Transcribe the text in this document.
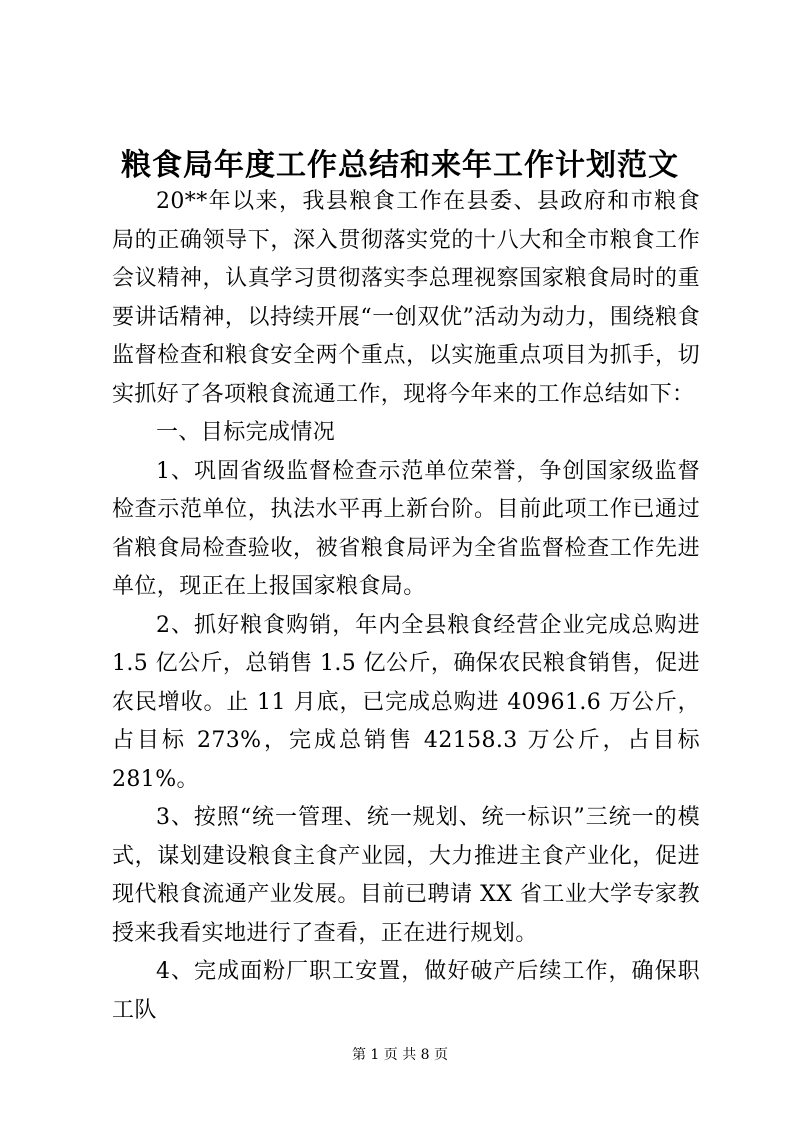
粮食局年度工作总结和来年工作计划范文

20**年以来，我县粮食工作在县委、县政府和市粮食局的正确领导下，深入贯彻落实党的十八大和全市粮食工作会议精神，认真学习贯彻落实李总理视察国家粮食局时的重要讲话精神，以持续开展“一创双优”活动为动力，围绕粮食监督检查和粮食安全两个重点，以实施重点项目为抓手，切实抓好了各项粮食流通工作，现将今年来的工作总结如下：

一、目标完成情况

1、巩固省级监督检查示范单位荣誉，争创国家级监督检查示范单位，执法水平再上新台阶。目前此项工作已通过省粮食局检查验收，被省粮食局评为全省监督检查工作先进单位，现正在上报国家粮食局。

2、抓好粮食购销，年内全县粮食经营企业完成总购进 1.5 亿公斤，总销售 1.5 亿公斤，确保农民粮食销售，促进农民增收。止 11 月底，已完成总购进 40961.6 万公斤，占目标 273%，完成总销售 42158.3 万公斤，占目标 281%。

3、按照“统一管理、统一规划、统一标识”三统一的模式，谋划建设粮食主食产业园，大力推进主食产业化，促进现代粮食流通产业发展。目前已聘请 XX 省工业大学专家教授来我看实地进行了查看，正在进行规划。

4、完成面粉厂职工安置，做好破产后续工作，确保职工队

第 1 页 共 8 页
